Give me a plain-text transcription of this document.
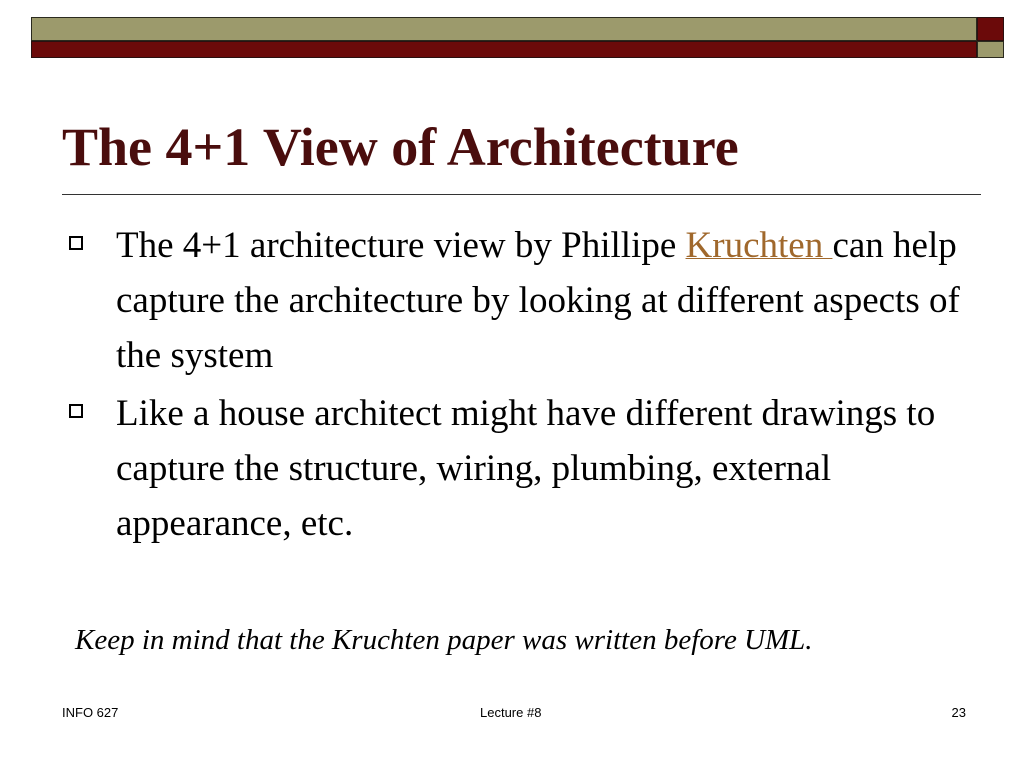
The 4+1 View of Architecture
The 4+1 architecture view by Phillipe Kruchten can help capture the architecture by looking at different aspects of the system
Like a house architect might have different drawings to capture the structure, wiring, plumbing, external appearance, etc.
Keep in mind that the Kruchten paper was written before UML.
INFO 627	Lecture #8	23
